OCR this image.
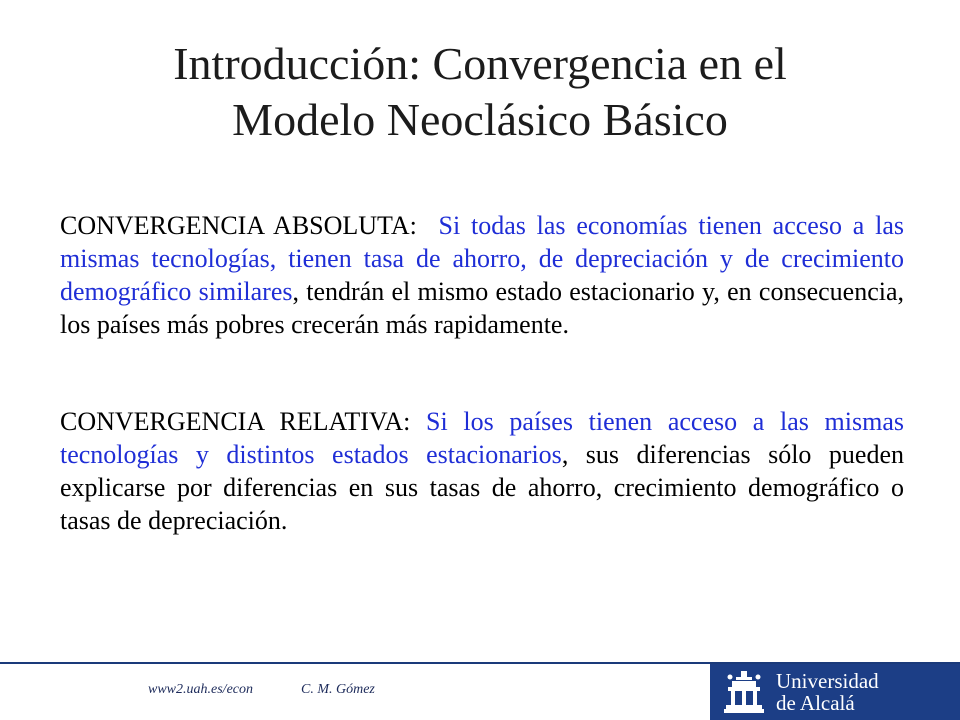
Introducción: Convergencia en el
Modelo Neoclásico Básico
CONVERGENCIA ABSOLUTA: Si todas las economías tienen acceso a las mismas tecnologías, tienen tasa de ahorro, de depreciación y de crecimiento demográfico similares, tendrán el mismo estado estacionario y, en consecuencia, los países más pobres crecerán más rapidamente.
CONVERGENCIA RELATIVA: Si los países tienen acceso a las mismas tecnologías y distintos estados estacionarios, sus diferencias sólo pueden explicarse por diferencias en sus tasas de ahorro, crecimiento demográfico o tasas de depreciación.
www2.uah.es/econ	C. M. Gómez	Universidad
de Alcalá
